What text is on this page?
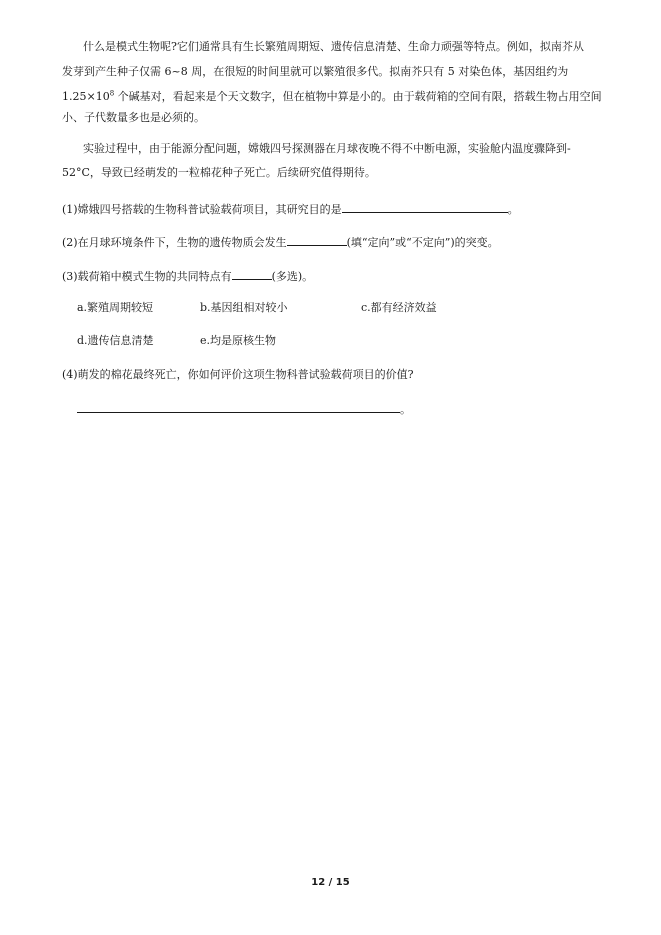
什么是模式生物呢?它们通常具有生长繁殖周期短、遗传信息清楚、生命力顽强等特点。例如，拟南芥从
发芽到产生种子仅需 6~8 周，在很短的时间里就可以繁殖很多代。拟南芥只有 5 对染色体，基因组约为
$1.25\times 10^8$ 个碱基对，看起来是个天文数字，但在植物中算是小的。由于载荷箱的空间有限，搭载生物占用空间
小、子代数量多也是必须的。
实验过程中，由于能源分配问题，嫦娥四号探测器在月球夜晚不得不中断电源，实验舱内温度骤降到-
52°C，导致已经萌发的一粒棉花种子死亡。后续研究值得期待。
(1)嫦娥四号搭载的生物科普试验载荷项目，其研究目的是	。
(2)在月球环境条件下，生物的遗传物质会发生	(填“定向”或“不定向”)的突变。
(3)载荷箱中模式生物的共同特点有	(多选)。
a.繁殖周期较短	b.基因组相对较小	c.都有经济效益
d.遗传信息清楚	e.均是原核生物
(4)萌发的棉花最终死亡，你如何评价这项生物科普试验载荷项目的价值?
。
12 / 15
